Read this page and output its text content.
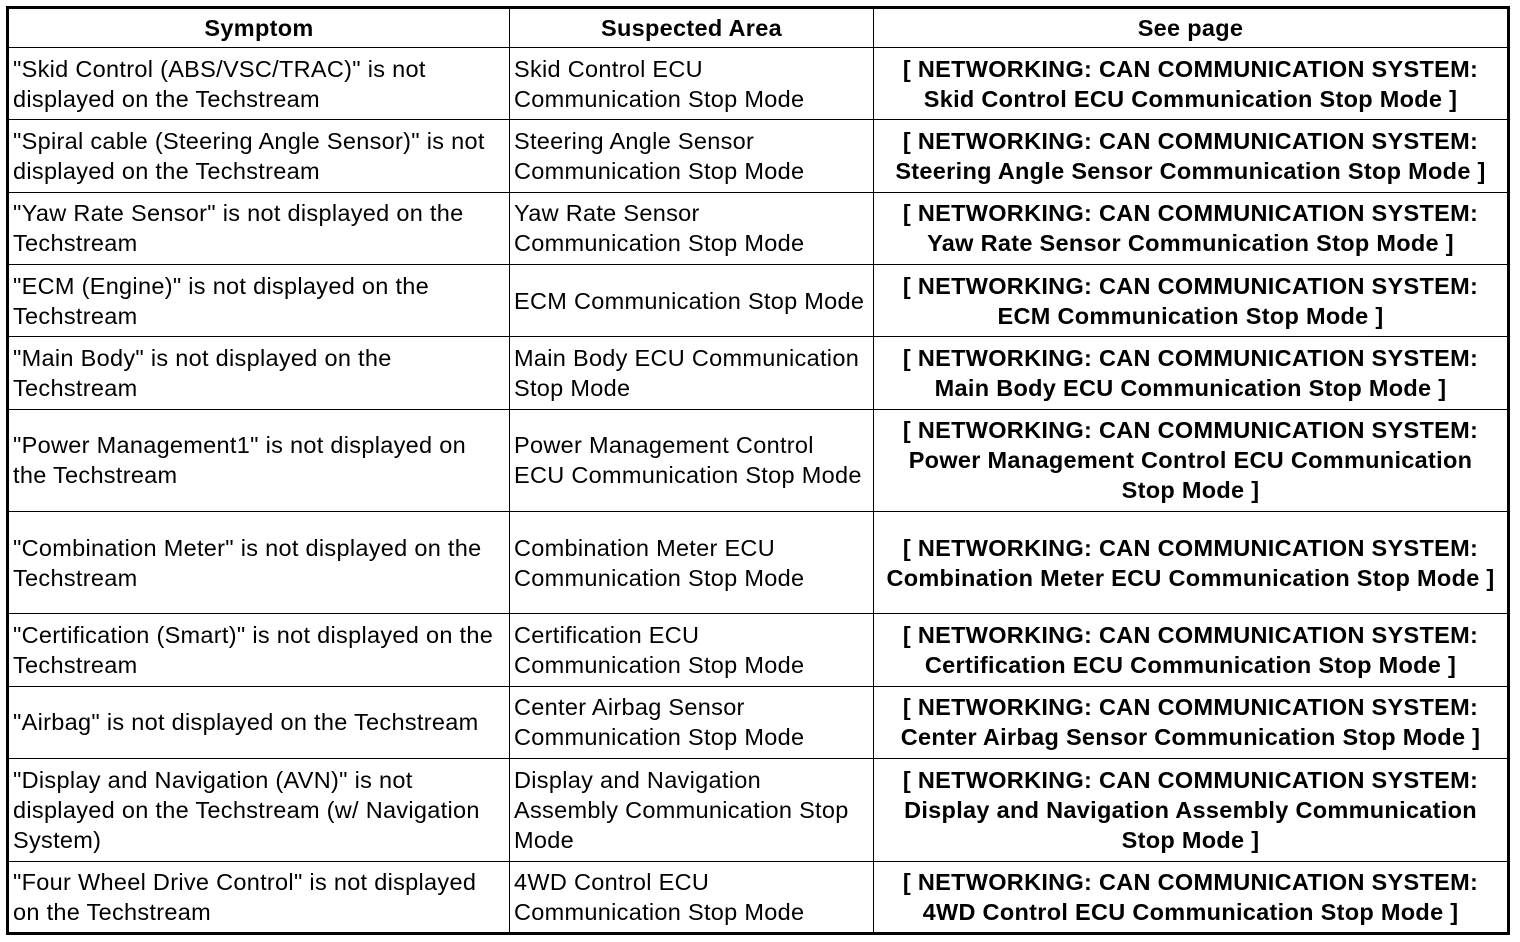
Symptom	Suspected Area	See page
"Skid Control (ABS/VSC/TRAC)" is not displayed on the Techstream	Skid Control ECU Communication Stop Mode	[ NETWORKING: CAN COMMUNICATION SYSTEM: Skid Control ECU Communication Stop Mode ]
"Spiral cable (Steering Angle Sensor)" is not displayed on the Techstream	Steering Angle Sensor Communication Stop Mode	[ NETWORKING: CAN COMMUNICATION SYSTEM: Steering Angle Sensor Communication Stop Mode ]
"Yaw Rate Sensor" is not displayed on the Techstream	Yaw Rate Sensor Communication Stop Mode	[ NETWORKING: CAN COMMUNICATION SYSTEM: Yaw Rate Sensor Communication Stop Mode ]
"ECM (Engine)" is not displayed on the Techstream	ECM Communication Stop Mode	[ NETWORKING: CAN COMMUNICATION SYSTEM: ECM Communication Stop Mode ]
"Main Body" is not displayed on the Techstream	Main Body ECU Communication Stop Mode	[ NETWORKING: CAN COMMUNICATION SYSTEM: Main Body ECU Communication Stop Mode ]
"Power Management1" is not displayed on the Techstream	Power Management Control ECU Communication Stop Mode	[ NETWORKING: CAN COMMUNICATION SYSTEM: Power Management Control ECU Communication Stop Mode ]
"Combination Meter" is not displayed on the Techstream	Combination Meter ECU Communication Stop Mode	[ NETWORKING: CAN COMMUNICATION SYSTEM: Combination Meter ECU Communication Stop Mode ]
"Certification (Smart)" is not displayed on the Techstream	Certification ECU Communication Stop Mode	[ NETWORKING: CAN COMMUNICATION SYSTEM: Certification ECU Communication Stop Mode ]
"Airbag" is not displayed on the Techstream	Center Airbag Sensor Communication Stop Mode	[ NETWORKING: CAN COMMUNICATION SYSTEM: Center Airbag Sensor Communication Stop Mode ]
"Display and Navigation (AVN)" is not displayed on the Techstream (w/ Navigation System)	Display and Navigation Assembly Communication Stop Mode	[ NETWORKING: CAN COMMUNICATION SYSTEM: Display and Navigation Assembly Communication Stop Mode ]
"Four Wheel Drive Control" is not displayed on the Techstream	4WD Control ECU Communication Stop Mode	[ NETWORKING: CAN COMMUNICATION SYSTEM: 4WD Control ECU Communication Stop Mode ]
